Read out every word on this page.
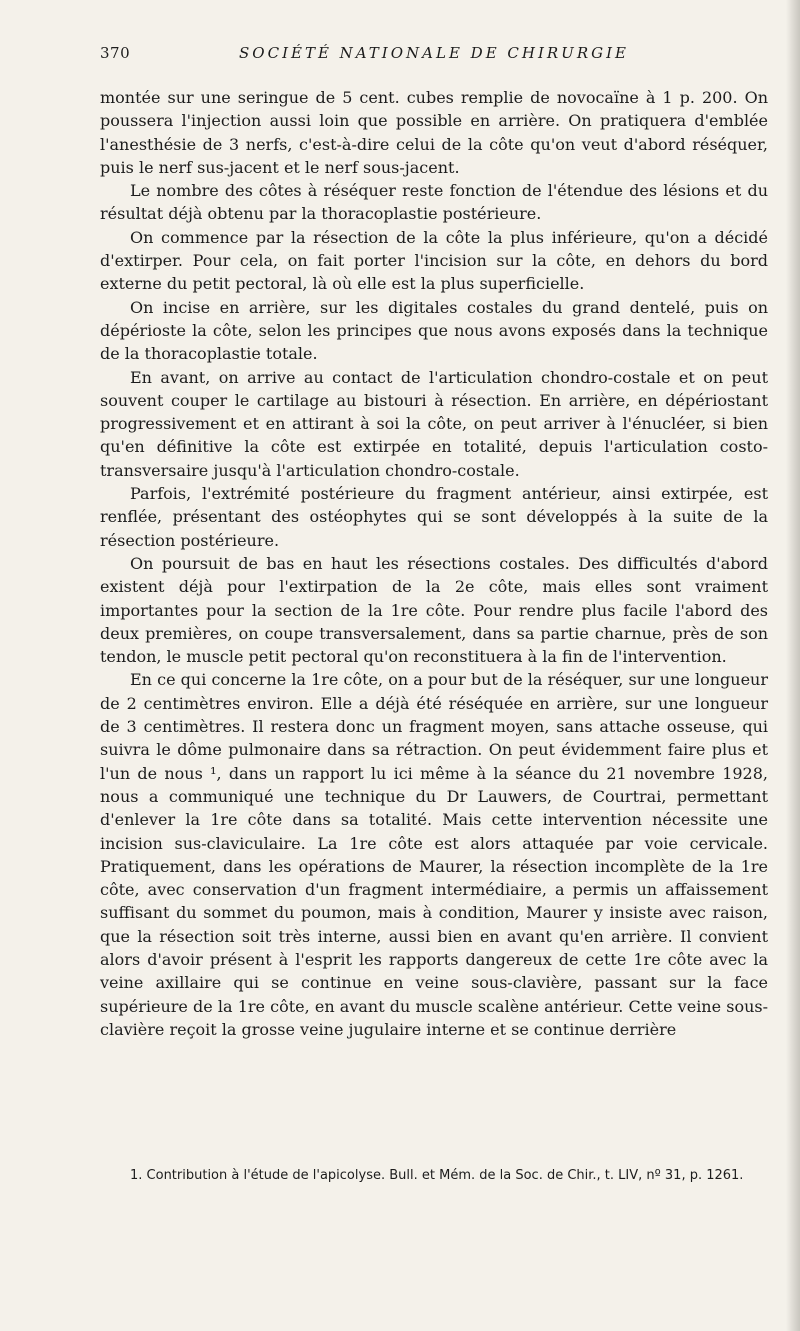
370	SOCIÉTÉ NATIONALE DE CHIRURGIE

montée sur une seringue de 5 cent. cubes remplie de novocaïne à 1 p. 200. On poussera l'injection aussi loin que possible en arrière. On pratiquera d'emblée l'anesthésie de 3 nerfs, c'est-à-dire celui de la côte qu'on veut d'abord réséquer, puis le nerf sus-jacent et le nerf sous-jacent.

Le nombre des côtes à réséquer reste fonction de l'étendue des lésions et du résultat déjà obtenu par la thoracoplastie postérieure.

On commence par la résection de la côte la plus inférieure, qu'on a décidé d'extirper. Pour cela, on fait porter l'incision sur la côte, en dehors du bord externe du petit pectoral, là où elle est la plus superficielle.

On incise en arrière, sur les digitales costales du grand dentelé, puis on dépérioste la côte, selon les principes que nous avons exposés dans la technique de la thoracoplastie totale.

En avant, on arrive au contact de l'articulation chondro-costale et on peut souvent couper le cartilage au bistouri à résection. En arrière, en dépériostant progressivement et en attirant à soi la côte, on peut arriver à l'énucléer, si bien qu'en définitive la côte est extirpée en totalité, depuis l'articulation costo-transversaire jusqu'à l'articulation chondro-costale.

Parfois, l'extrémité postérieure du fragment antérieur, ainsi extirpée, est renflée, présentant des ostéophytes qui se sont développés à la suite de la résection postérieure.

On poursuit de bas en haut les résections costales. Des difficultés d'abord existent déjà pour l'extirpation de la 2e côte, mais elles sont vraiment importantes pour la section de la 1re côte. Pour rendre plus facile l'abord des deux premières, on coupe transversalement, dans sa partie charnue, près de son tendon, le muscle petit pectoral qu'on reconstituera à la fin de l'intervention.

En ce qui concerne la 1re côte, on a pour but de la réséquer, sur une longueur de 2 centimètres environ. Elle a déjà été réséquée en arrière, sur une longueur de 3 centimètres. Il restera donc un fragment moyen, sans attache osseuse, qui suivra le dôme pulmonaire dans sa rétraction. On peut évidemment faire plus et l'un de nous ¹, dans un rapport lu ici même à la séance du 21 novembre 1928, nous a communiqué une technique du Dr Lauwers, de Courtrai, permettant d'enlever la 1re côte dans sa totalité. Mais cette intervention nécessite une incision sus-claviculaire. La 1re côte est alors attaquée par voie cervicale. Pratiquement, dans les opérations de Maurer, la résection incomplète de la 1re côte, avec conservation d'un fragment intermédiaire, a permis un affaissement suffisant du sommet du poumon, mais à condition, Maurer y insiste avec raison, que la résection soit très interne, aussi bien en avant qu'en arrière. Il convient alors d'avoir présent à l'esprit les rapports dangereux de cette 1re côte avec la veine axillaire qui se continue en veine sous-clavière, passant sur la face supérieure de la 1re côte, en avant du muscle scalène antérieur. Cette veine sous-clavière reçoit la grosse veine jugulaire interne et se continue derrière

1. Contribution à l'étude de l'apicolyse. Bull. et Mém. de la Soc. de Chir., t. LIV, nº 31, p. 1261.
